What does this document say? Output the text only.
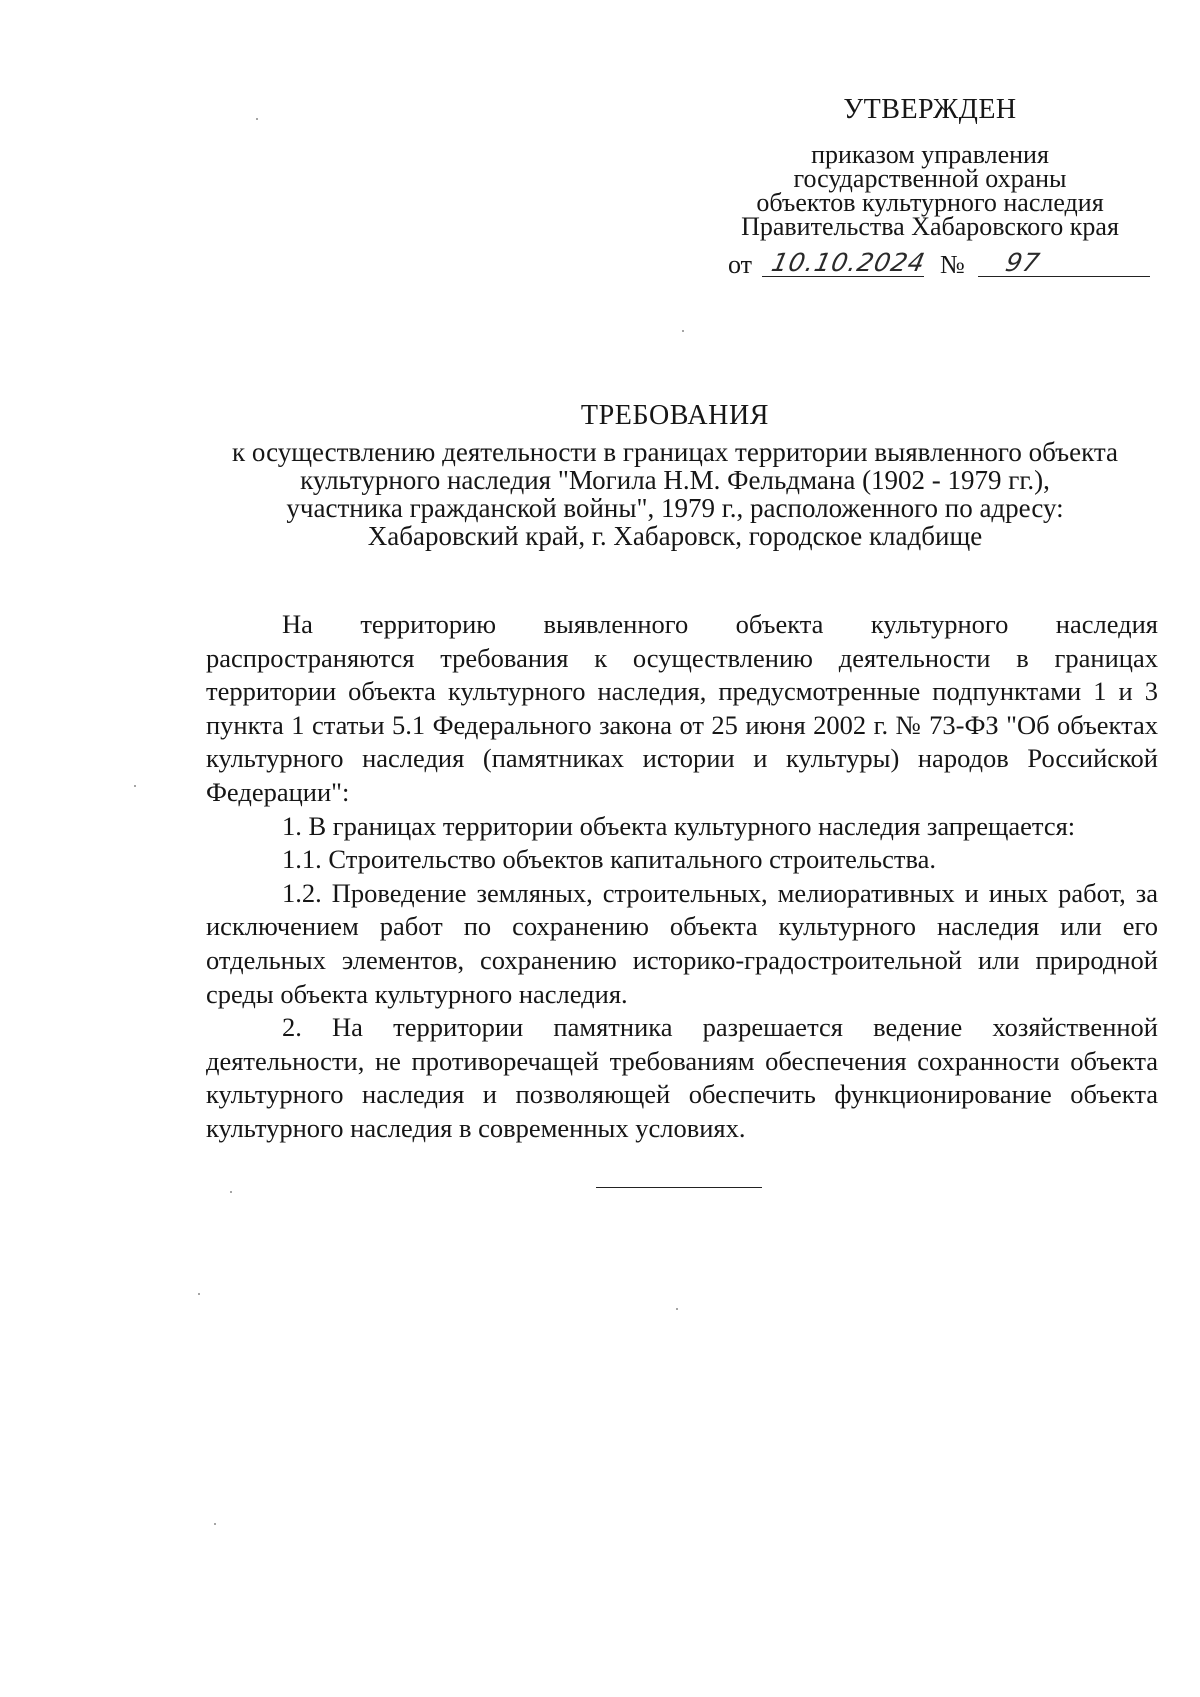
УТВЕРЖДЕН
приказом управления
государственной охраны
объектов культурного наследия
Правительства Хабаровского края
от 10.10.2024 № 97
ТРЕБОВАНИЯ
к осуществлению деятельности в границах территории выявленного объекта
культурного наследия "Могила Н.М. Фельдмана (1902 - 1979 гг.),
участника гражданской войны", 1979 г., расположенного по адресу:
Хабаровский край, г. Хабаровск, городское кладбище

На территорию выявленного объекта культурного наследия распространяются требования к осуществлению деятельности в границах территории объекта культурного наследия, предусмотренные подпунктами 1 и 3 пункта 1 статьи 5.1 Федерального закона от 25 июня 2002 г. № 73-ФЗ "Об объектах культурного наследия (памятниках истории и культуры) народов Российской Федерации":

1. В границах территории объекта культурного наследия запрещается:

1.1. Строительство объектов капитального строительства.

1.2. Проведение земляных, строительных, мелиоративных и иных работ, за исключением работ по сохранению объекта культурного наследия или его отдельных элементов, сохранению историко-градостроительной или природной среды объекта культурного наследия.

2. На территории памятника разрешается ведение хозяйственной деятельности, не противоречащей требованиям обеспечения сохранности объекта культурного наследия и позволяющей обеспечить функционирование объекта культурного наследия в современных условиях.
